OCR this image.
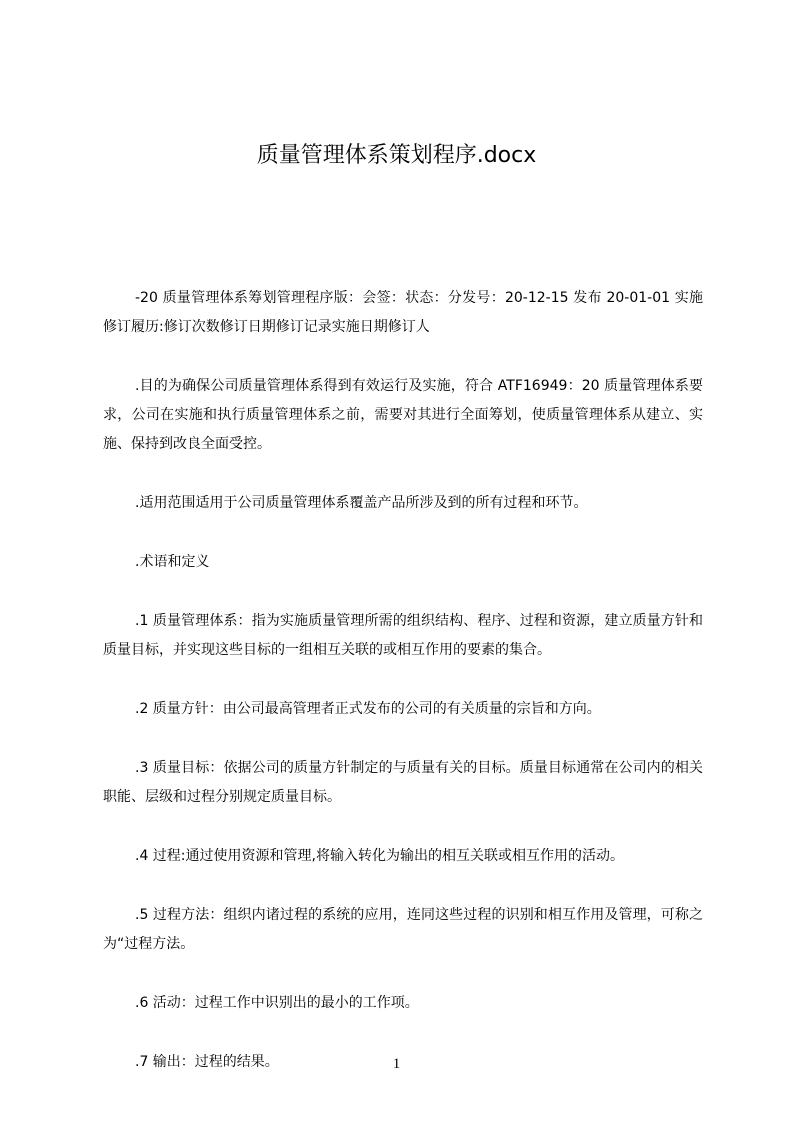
质量管理体系策划程序.docx

-20 质量管理体系筹划管理程序版：会签：状态：分发号：20-12-15 发布 20-01-01 实施修订履历:修订次数修订日期修订记录实施日期修订人

.目的为确保公司质量管理体系得到有效运行及实施，符合 ATF16949：20 质量管理体系要求，公司在实施和执行质量管理体系之前，需要对其进行全面筹划，使质量管理体系从建立、实施、保持到改良全面受控。

.适用范围适用于公司质量管理体系覆盖产品所涉及到的所有过程和环节。

.术语和定义

.1 质量管理体系：指为实施质量管理所需的组织结构、程序、过程和资源，建立质量方针和质量目标，并实现这些目标的一组相互关联的或相互作用的要素的集合。

.2 质量方针：由公司最高管理者正式发布的公司的有关质量的宗旨和方向。

.3 质量目标：依据公司的质量方针制定的与质量有关的目标。质量目标通常在公司内的相关职能、层级和过程分别规定质量目标。

.4 过程:通过使用资源和管理,将输入转化为输出的相互关联或相互作用的活动。

.5 过程方法：组织内诸过程的系统的应用，连同这些过程的识别和相互作用及管理，可称之为“过程方法。

.6 活动：过程工作中识别出的最小的工作项。

.7 输出：过程的结果。	1
